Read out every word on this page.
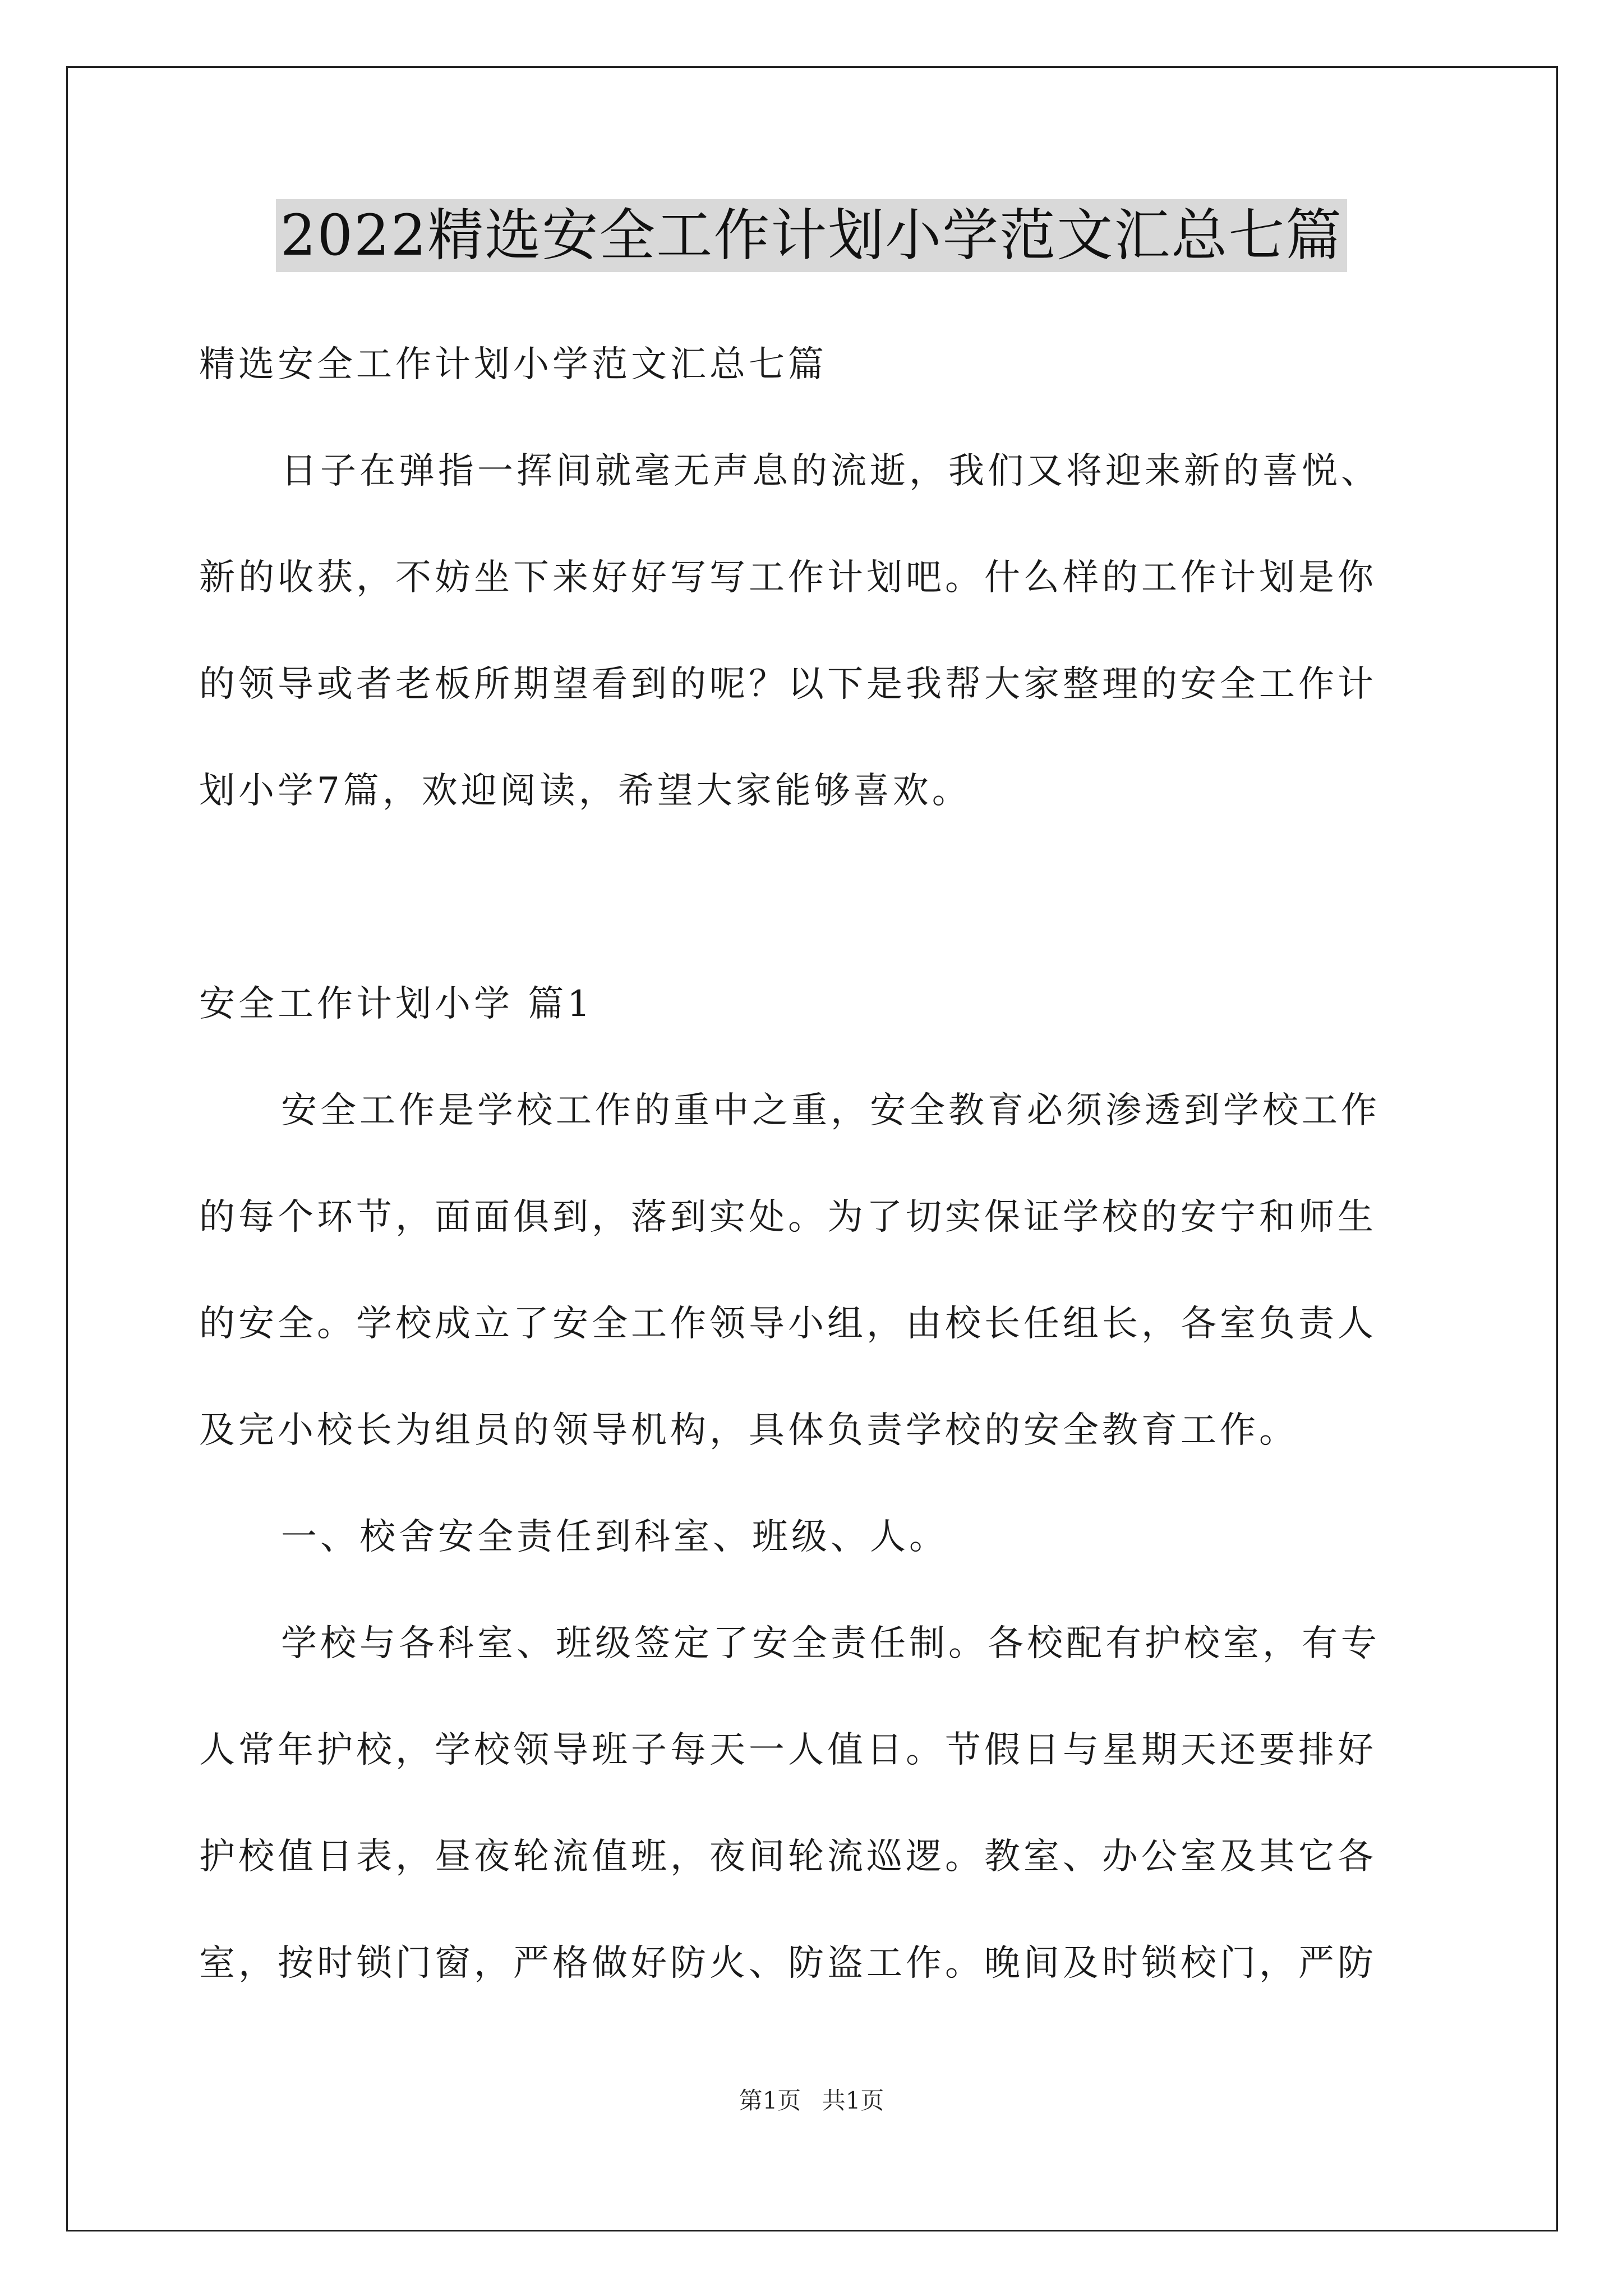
2022精选安全工作计划小学范文汇总七篇
精选安全工作计划小学范文汇总七篇
日子在弹指一挥间就毫无声息的流逝，我们又将迎来新的喜悦、
新的收获，不妨坐下来好好写写工作计划吧。什么样的工作计划是你
的领导或者老板所期望看到的呢？以下是我帮大家整理的安全工作计
划小学7篇，欢迎阅读，希望大家能够喜欢。
安全工作计划小学 篇1
安全工作是学校工作的重中之重，安全教育必须渗透到学校工作
的每个环节，面面俱到，落到实处。为了切实保证学校的安宁和师生
的安全。学校成立了安全工作领导小组，由校长任组长，各室负责人
及完小校长为组员的领导机构，具体负责学校的安全教育工作。
一、校舍安全责任到科室、班级、人。
学校与各科室、班级签定了安全责任制。各校配有护校室，有专
人常年护校，学校领导班子每天一人值日。节假日与星期天还要排好
护校值日表，昼夜轮流值班，夜间轮流巡逻。教室、办公室及其它各
室，按时锁门窗，严格做好防火、防盗工作。晚间及时锁校门，严防
第1页 共1页
